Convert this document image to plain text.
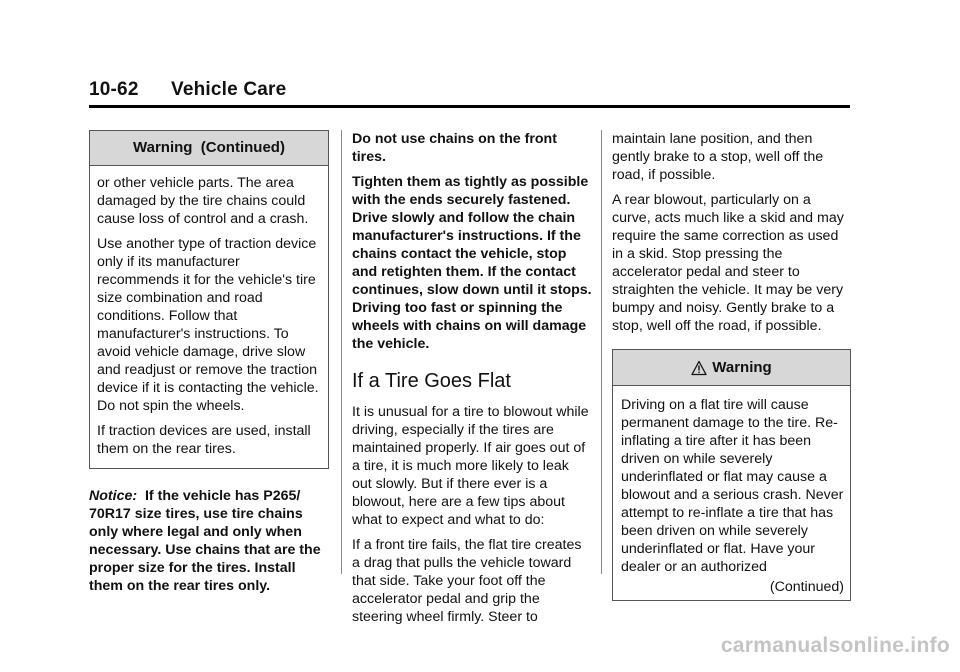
10-62 Vehicle Care
Warning  (Continued)

or other vehicle parts. The area damaged by the tire chains could cause loss of control and a crash.

Use another type of traction device only if its manufacturer recommends it for the vehicle's tire size combination and road conditions. Follow that manufacturer's instructions. To avoid vehicle damage, drive slow and readjust or remove the traction device if it is contacting the vehicle. Do not spin the wheels.

If traction devices are used, install them on the rear tires.

Notice: If the vehicle has P265/ 70R17 size tires, use tire chains only where legal and only when necessary. Use chains that are the proper size for the tires. Install them on the rear tires only.

Do not use chains on the front tires.

Tighten them as tightly as possible with the ends securely fastened. Drive slowly and follow the chain manufacturer's instructions. If the chains contact the vehicle, stop and retighten them. If the contact continues, slow down until it stops. Driving too fast or spinning the wheels with chains on will damage the vehicle.

If a Tire Goes Flat

It is unusual for a tire to blowout while driving, especially if the tires are maintained properly. If air goes out of a tire, it is much more likely to leak out slowly. But if there ever is a blowout, here are a few tips about what to expect and what to do:

If a front tire fails, the flat tire creates a drag that pulls the vehicle toward that side. Take your foot off the accelerator pedal and grip the steering wheel firmly. Steer to

maintain lane position, and then gently brake to a stop, well off the road, if possible.

A rear blowout, particularly on a curve, acts much like a skid and may require the same correction as used in a skid. Stop pressing the accelerator pedal and steer to straighten the vehicle. It may be very bumpy and noisy. Gently brake to a stop, well off the road, if possible.

Warning

Driving on a flat tire will cause permanent damage to the tire. Re-inflating a tire after it has been driven on while severely underinflated or flat may cause a blowout and a serious crash. Never attempt to re-inflate a tire that has been driven on while severely underinflated or flat. Have your dealer or an authorized

(Continued)
carmanualsonline.info
